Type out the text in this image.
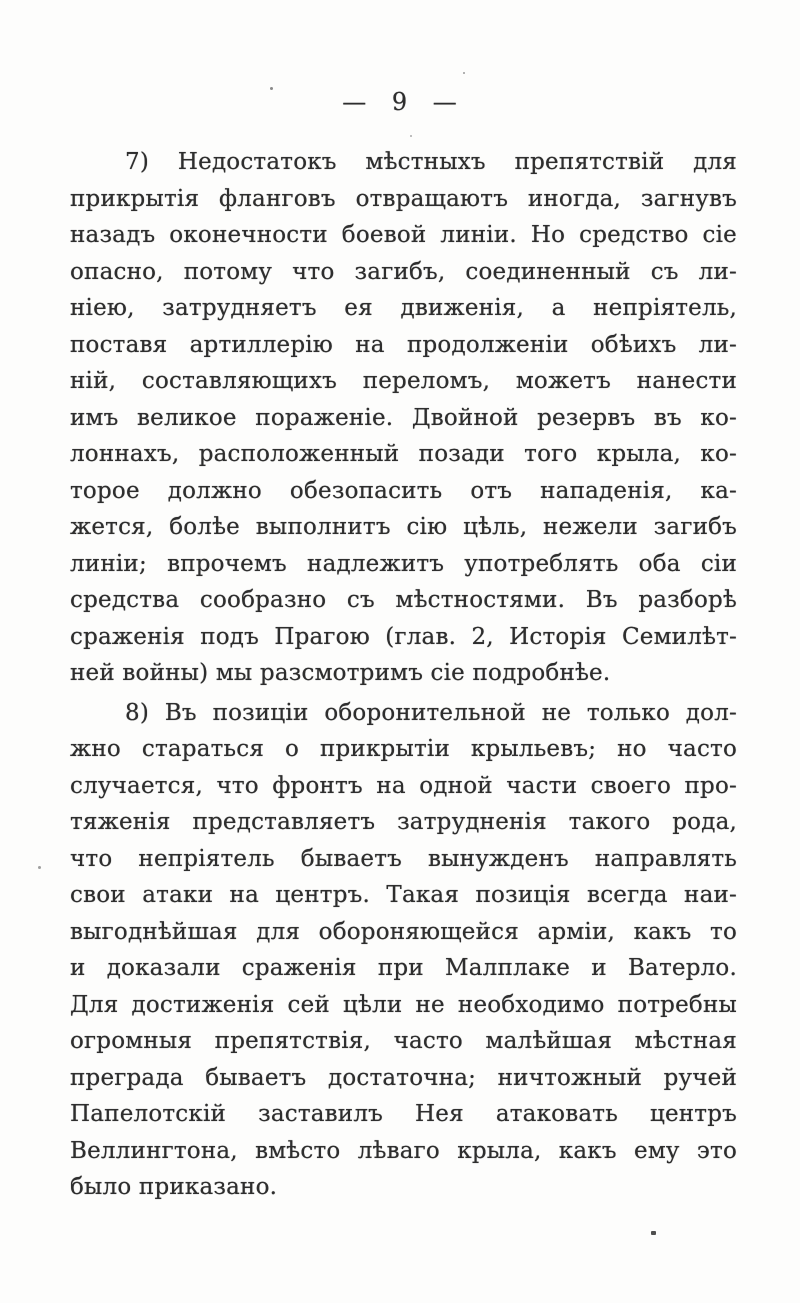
— 9 —

7) Недостатокъ мѣстныхъ препятствій для
прикрытія фланговъ отвращаютъ иногда, загнувъ
назадъ оконечности боевой линіи. Но средство сіе
опасно, потому что загибъ, соединенный съ ли-
ніею, затрудняетъ ея движенія, а непріятель,
поставя артиллерію на продолженіи обѣихъ ли-
ній, составляющихъ переломъ, можетъ нанести
имъ великое пораженіе. Двойной резервъ въ ко-
лоннахъ, расположенный позади того крыла, ко-
торое должно обезопасить отъ нападенія, ка-
жется, болѣе выполнитъ сію цѣль, нежели загибъ
линіи; впрочемъ надлежитъ употреблять оба сіи
средства сообразно съ мѣстностями. Въ разборѣ
сраженія подъ Прагою (глав. 2, Исторія Семилѣт-
ней войны) мы разсмотримъ сіе подробнѣе.

8) Въ позиціи оборонительной не только дол-
жно стараться о прикрытіи крыльевъ; но часто
случается, что фронтъ на одной части своего про-
тяженія представляетъ затрудненія такого рода,
что непріятель бываетъ вынужденъ направлять
свои атаки на центръ. Такая позиція всегда наи-
выгоднѣйшая для обороняющейся арміи, какъ то
и доказали сраженія при Малплаке и Ватерло.
Для достиженія сей цѣли не необходимо потребны
огромныя препятствія, часто малѣйшая мѣстная
преграда бываетъ достаточна; ничтожный ручей
Папелотскій заставилъ Нея атаковать центръ
Веллингтона, вмѣсто лѣваго крыла, какъ ему это
было приказано.
